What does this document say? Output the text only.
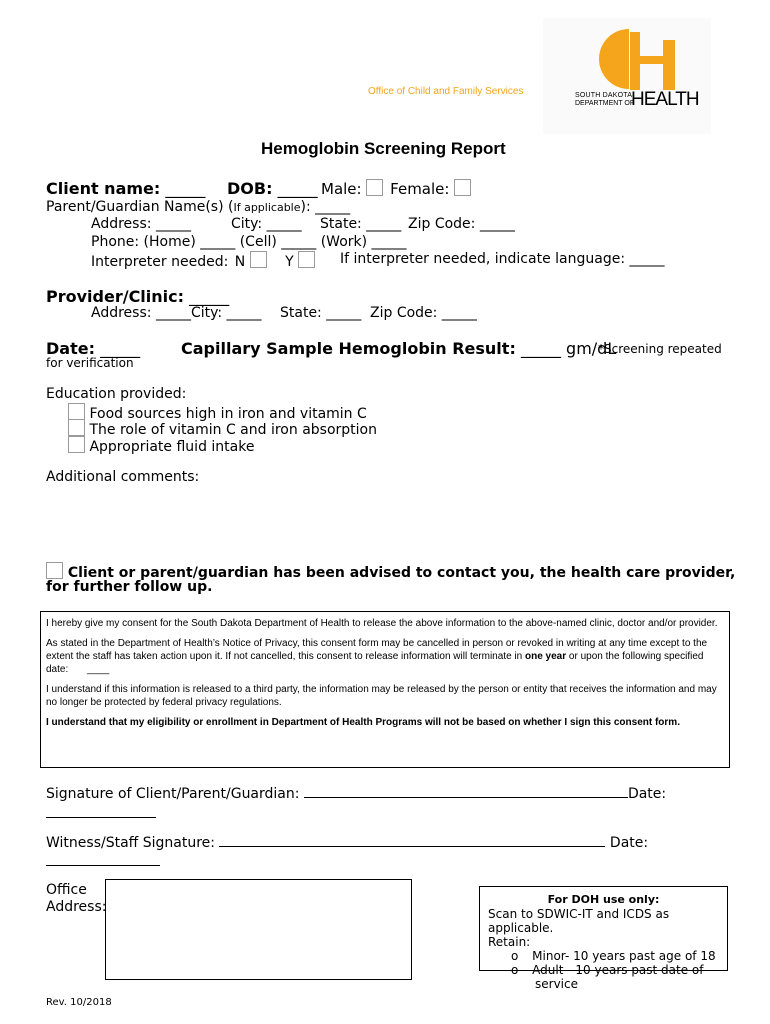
Office of Child and Family Services	SOUTH DAKOTA
DEPARTMENT OF
HEALTH
Hemoglobin Screening Report
Client name: _____ DOB: _____ Male: Female:
Parent/Guardian Name(s) (If applicable): _____
Address: _____	City: _____ State: _____ Zip Code: _____
Phone: (Home) _____ (Cell) _____ (Work) _____
Interpreter needed: N	Y	If interpreter needed, indicate language: _____
Provider/Clinic: _____
Address: _____City: _____ State: _____ Zip Code: _____
Date: _____	Capillary Sample Hemoglobin Result: _____ gm/dL
*Screening repeated
for verification
Education provided:
Food sources high in iron and vitamin C
The role of vitamin C and iron absorption
Appropriate fluid intake
Additional comments:
Client or parent/guardian has been advised to contact you, the health care provider,
for further follow up.
I hereby give my consent for the South Dakota Department of Health to release the above information to the above-named clinic, doctor and/or provider.
As stated in the Department of Health’s Notice of Privacy, this consent form may be cancelled in person or revoked in writing at any time except to the extent the staff has taken action upon it. If not cancelled, this consent to release information will terminate in one year or upon the following specified date: ____
I understand if this information is released to a third party, the information may be released by the person or entity that receives the information and may no longer be protected by federal privacy regulations.
I understand that my eligibility or enrollment in Department of Health Programs will not be based on whether I sign this consent form.
Signature of Client/Parent/Guardian:	Date:
Witness/Staff Signature:	Date:
Office
Address:	For DOH use only:
Scan to SDWIC-IT and ICDS as applicable.
Retain:
o Minor- 10 years past age of 18
o Adult - 10 years past date of
service
Rev. 10/2018
